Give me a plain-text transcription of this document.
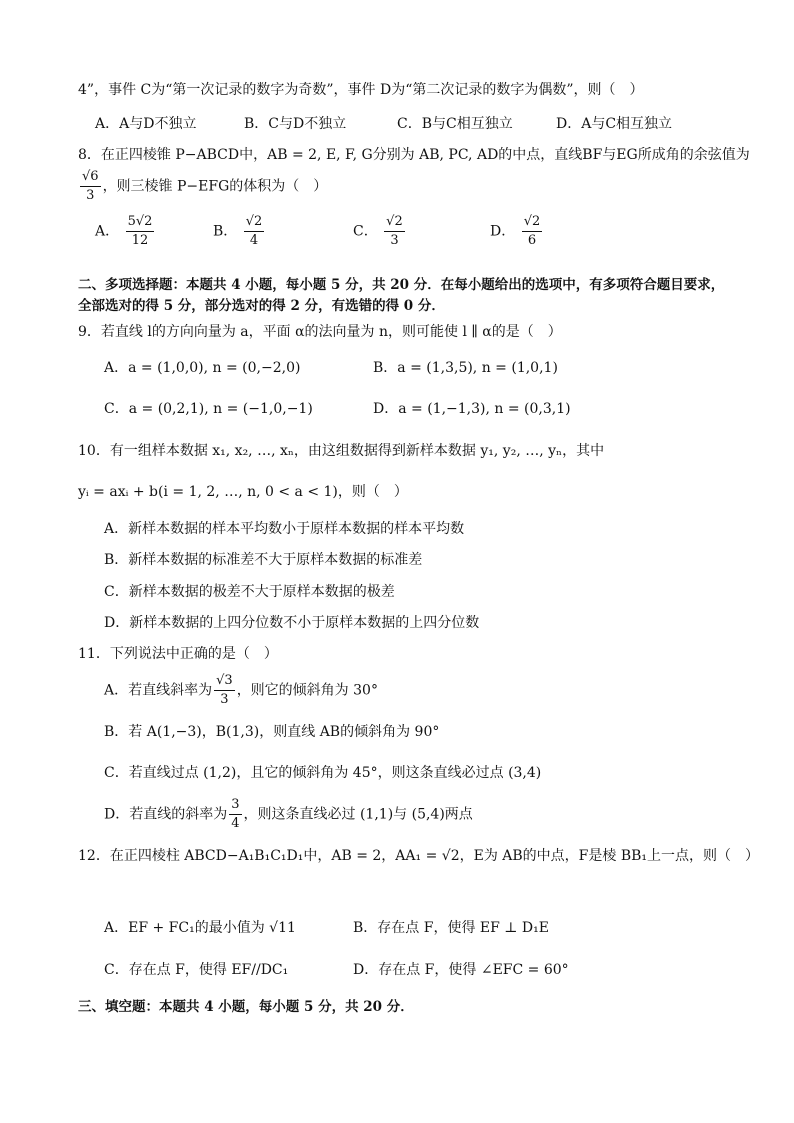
4”，事件 C为“第一次记录的数字为奇数”，事件 D为“第二次记录的数字为偶数”，则（　）
A．A与D不独立	B．C与D不独立	C．B与C相互独立	D．A与C相互独立
8．在正四棱锥 P−ABCD中，AB = 2, E, F, G分别为 AB, PC, AD的中点，直线BF与EG所成角的余弦值为
$\frac{√6}{3}$ ，则三棱锥 P−EFG的体积为（　）
A． $\frac{5√2}{12}$	B． $\frac{√2}{4}$	C． $\frac{√2}{3}$	D． $\frac{√2}{6}$
二、多项选择题：本题共 4 小题，每小题 5 分，共 20 分．在每小题给出的选项中，有多项符合题目要求，
全部选对的得 5 分，部分选对的得 2 分，有选错的得 0 分．
9．若直线 l的方向向量为 a，平面 α的法向量为 n，则可能使 l ∥ α的是（　）
A．a = (1,0,0), n = (0,−2,0)	B．a = (1,3,5), n = (1,0,1)
C．a = (0,2,1), n = (−1,0,−1)	D．a = (1,−1,3), n = (0,3,1)
10．有一组样本数据 x₁, x₂, …, xₙ，由这组数据得到新样本数据 y₁, y₂, …, yₙ，其中
yᵢ = axᵢ + b(i = 1, 2, …, n, 0 < a < 1)，则（　）
A．新样本数据的样本平均数小于原样本数据的样本平均数
B．新样本数据的标准差不大于原样本数据的标准差
C．新样本数据的极差不大于原样本数据的极差
D．新样本数据的上四分位数不小于原样本数据的上四分位数
11．下列说法中正确的是（　）
A．若直线斜率为 $\frac{√3}{3}$ ，则它的倾斜角为 30°
B．若 A(1,−3)，B(1,3)，则直线 AB的倾斜角为 90°
C．若直线过点 (1,2)，且它的倾斜角为 45°，则这条直线必过点 (3,4)
D．若直线的斜率为 $\frac{3}{4}$ ，则这条直线必过 (1,1)与 (5,4)两点
12．在正四棱柱 ABCD−A₁B₁C₁D₁中，AB = 2，AA₁ = √2，E为 AB的中点，F是棱 BB₁上一点，则（　）
A．EF + FC₁的最小值为 √11	B．存在点 F，使得 EF ⊥ D₁E
C．存在点 F，使得 EF//DC₁	D．存在点 F，使得 ∠EFC = 60°
三、填空题：本题共 4 小题，每小题 5 分，共 20 分．
